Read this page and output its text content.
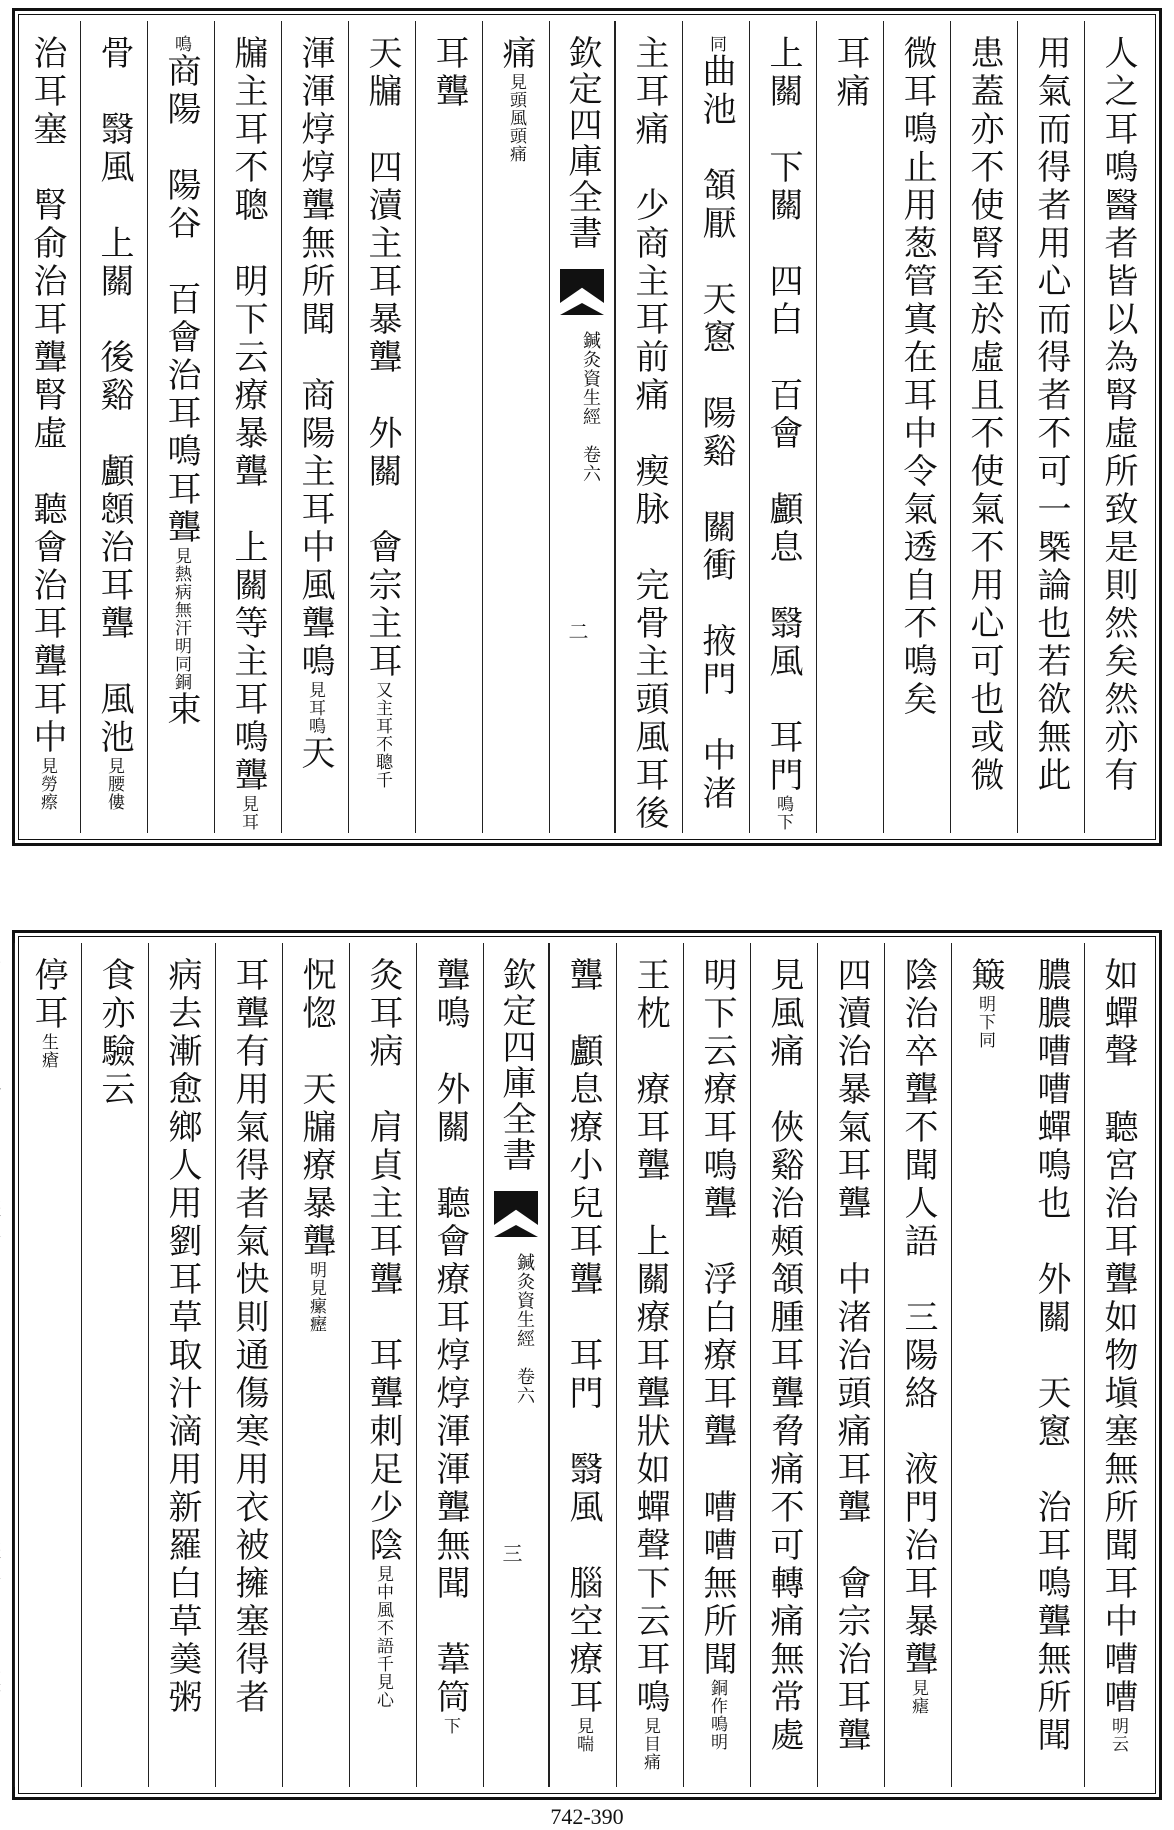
人之耳鳴醫者皆以為腎虛所致是則然矣然亦有
用氣而得者用心而得者不可一槩論也若欲無此
患蓋亦不使腎至於虛且不使氣不用心可也或微
微耳鳴止用葱管寘在耳中令氣透自不鳴矣
耳痛
上關　下關　四白　百會　顱息　翳風　耳門鳴下
同曲池　頷厭　天窻　陽谿　關衝　掖門　中渚
主耳痛　少商主耳前痛　瘈脉　完骨主頭風耳後
欽定四庫全書
鍼灸資生經　卷六
二
痛見頭風頭痛
耳聾
天牖　四瀆主耳暴聾　外關　會宗主耳又主耳不聰千
渾渾焞焞聾無所聞　商陽主耳中風聾鳴見耳鳴天
牖主耳不聰　明下云療暴聾　上關等主耳鳴聾見耳
鳴商陽　陽谷　百會治耳鳴耳聾見熱病無汗明同銅束
骨　翳風　上關　後谿　顱顖治耳聾　風池見腰僂
治耳塞　腎俞治耳聾腎虛　聽會治耳聾耳中見勞瘵
如蟬聲　聽宮治耳聾如物塡塞無所聞耳中嘈嘈明云
膿膿嘈嘈蟬鳴也　外關　天窻　治耳鳴聾無所聞　簸明下同
陰治卒聾不聞人語　三陽絡　液門治耳暴聾見瘧
四瀆治暴氣耳聾　中渚治頭痛耳聾　會宗治耳聾
見風痛　俠谿治頰頷腫耳聾脅痛不可轉痛無常處
明下云療耳鳴聾　浮白療耳聾　嘈嘈無所聞銅作鳴明
王枕　療耳聾　上關療耳聾狀如蟬聲下云耳鳴見目痛
聾　顱息療小兒耳聾　耳門　翳風　腦空療耳見喘
欽定四庫全書
鍼灸資生經　卷六
三
聾鳴　外關　聽會療耳焞焞渾渾聾無聞　葦筒下
灸耳病　肩貞主耳聾　耳聾刺足少陰見中風不語千見心
怳惚　天牖療暴聾明見瘰癧
耳聾有用氣得者氣快則通傷寒用衣被擁塞得者
病去漸愈鄉人用劉耳草取汁滴用新羅白草羮粥
食亦驗云
停耳生瘡
742-390
